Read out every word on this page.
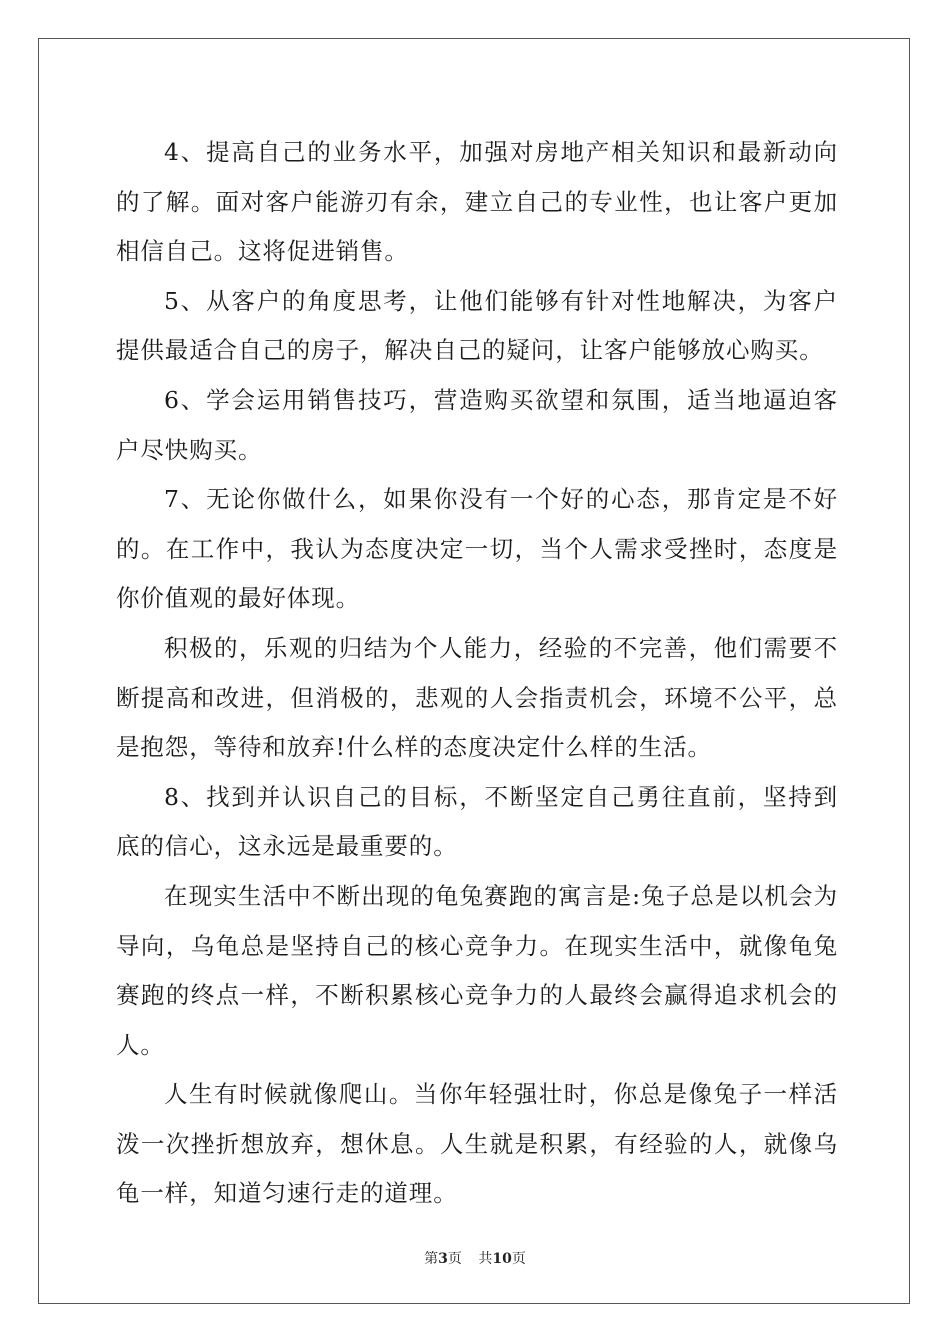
4、提高自己的业务水平，加强对房地产相关知识和最新动向的了解。面对客户能游刃有余，建立自己的专业性，也让客户更加相信自己。这将促进销售。

5、从客户的角度思考，让他们能够有针对性地解决，为客户提供最适合自己的房子，解决自己的疑问，让客户能够放心购买。

6、学会运用销售技巧，营造购买欲望和氛围，适当地逼迫客户尽快购买。

7、无论你做什么，如果你没有一个好的心态，那肯定是不好的。在工作中，我认为态度决定一切，当个人需求受挫时，态度是你价值观的最好体现。

积极的，乐观的归结为个人能力，经验的不完善，他们需要不断提高和改进，但消极的，悲观的人会指责机会，环境不公平，总是抱怨，等待和放弃!什么样的态度决定什么样的生活。

8、找到并认识自己的目标，不断坚定自己勇往直前，坚持到底的信心，这永远是最重要的。

在现实生活中不断出现的龟兔赛跑的寓言是:兔子总是以机会为导向，乌龟总是坚持自己的核心竞争力。在现实生活中，就像龟兔赛跑的终点一样，不断积累核心竞争力的人最终会赢得追求机会的人。

人生有时候就像爬山。当你年轻强壮时，你总是像兔子一样活泼一次挫折想放弃，想休息。人生就是积累，有经验的人，就像乌龟一样，知道匀速行走的道理。

第3页 共10页
